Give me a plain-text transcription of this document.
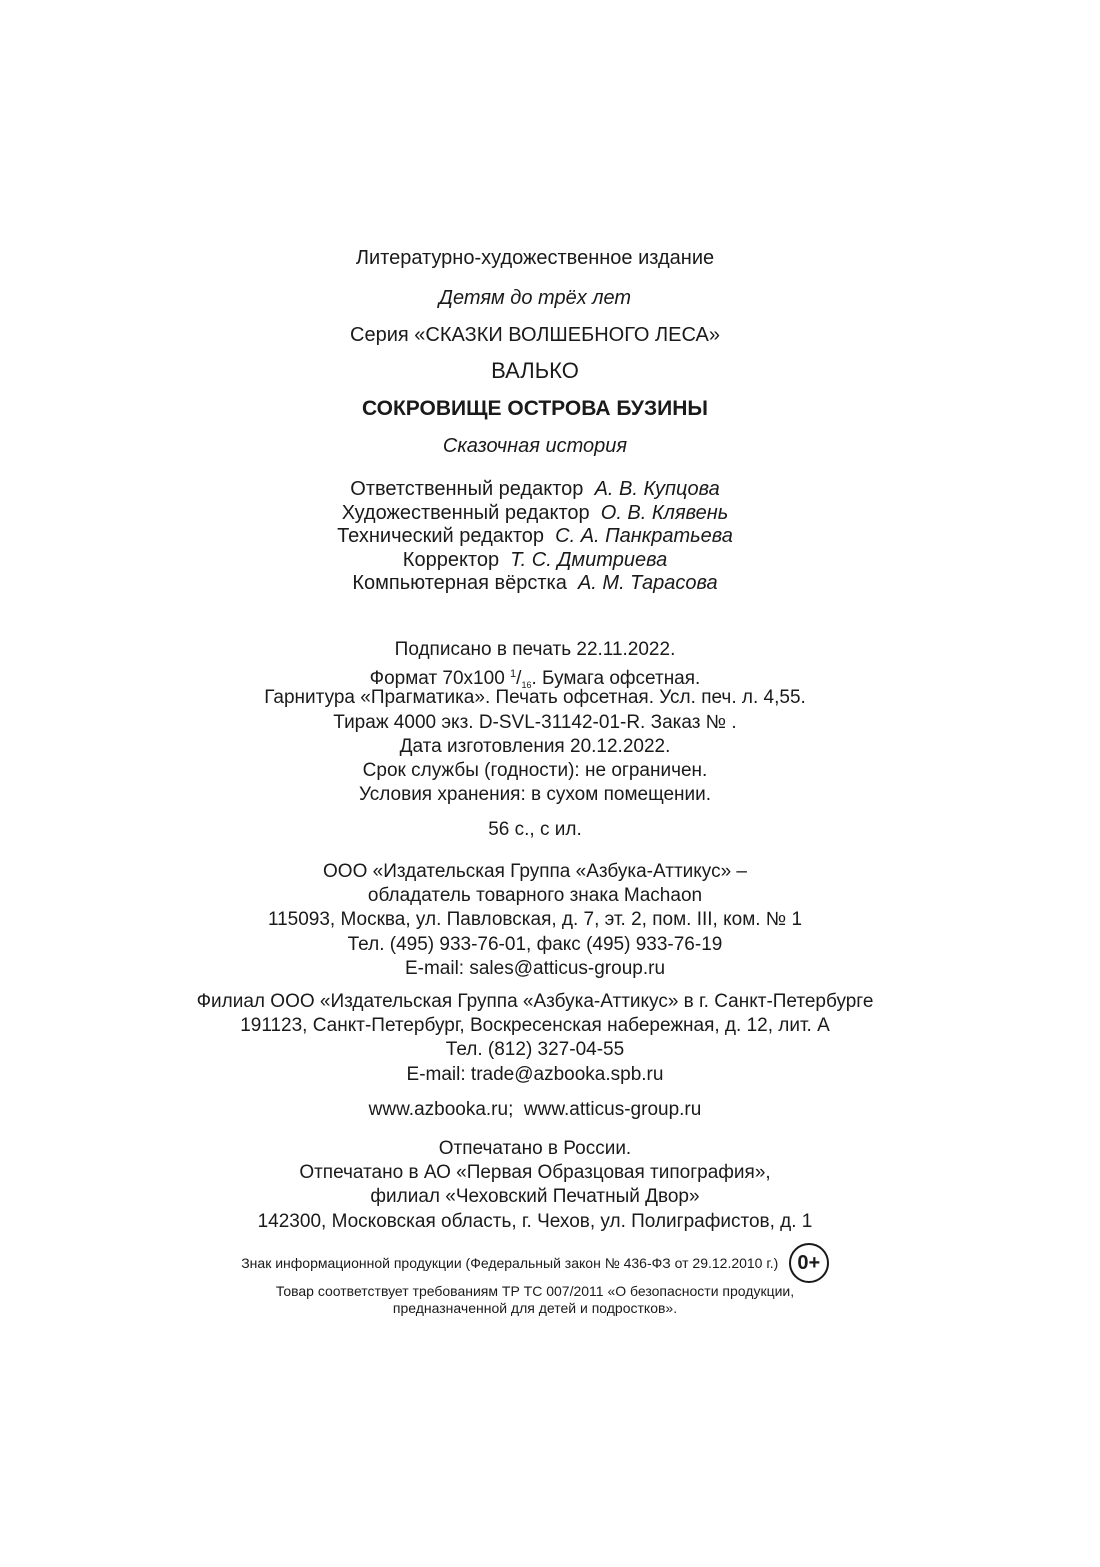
Литературно-художественное издание
Детям до трёх лет
Серия «СКАЗКИ ВОЛШЕБНОГО ЛЕСА»
ВАЛЬКО
СОКРОВИЩЕ ОСТРОВА БУЗИНЫ
Сказочная история
Ответственный редактор А. В. Купцова
Художественный редактор О. В. Клявень
Технический редактор С. А. Панкратьева
Корректор Т. С. Дмитриева
Компьютерная вёрстка А. М. Тарасова
Подписано в печать 22.11.2022.
Формат 70x100 $^1/_{16}$. Бумага офсетная.
Гарнитура «Прагматика». Печать офсетная. Усл. печ. л. 4,55.
Тираж 4000 экз. D-SVL-31142-01-R. Заказ № .
Дата изготовления 20.12.2022.
Срок службы (годности): не ограничен.
Условия хранения: в сухом помещении.
56 с., с ил.
ООО «Издательская Группа «Азбука-Аттикус» –
обладатель товарного знака Machaon
115093, Москва, ул. Павловская, д. 7, эт. 2, пом. III, ком. № 1
Тел. (495) 933-76-01, факс (495) 933-76-19
E-mail: sales@atticus-group.ru
Филиал ООО «Издательская Группа «Азбука-Аттикус» в г. Санкт-Петербурге
191123, Санкт-Петербург, Воскресенская набережная, д. 12, лит. А
Тел. (812) 327-04-55
E-mail: trade@azbooka.spb.ru
www.azbooka.ru;  www.atticus-group.ru
Отпечатано в России.
Отпечатано в АО «Первая Образцовая типография»,
филиал «Чеховский Печатный Двор»
142300, Московская область, г. Чехов, ул. Полиграфистов, д. 1
Знак информационной продукции (Федеральный закон № 436-ФЗ от 29.12.2010 г.) 0+
Товар соответствует требованиям ТР ТС 007/2011 «О безопасности продукции,
предназначенной для детей и подростков».
